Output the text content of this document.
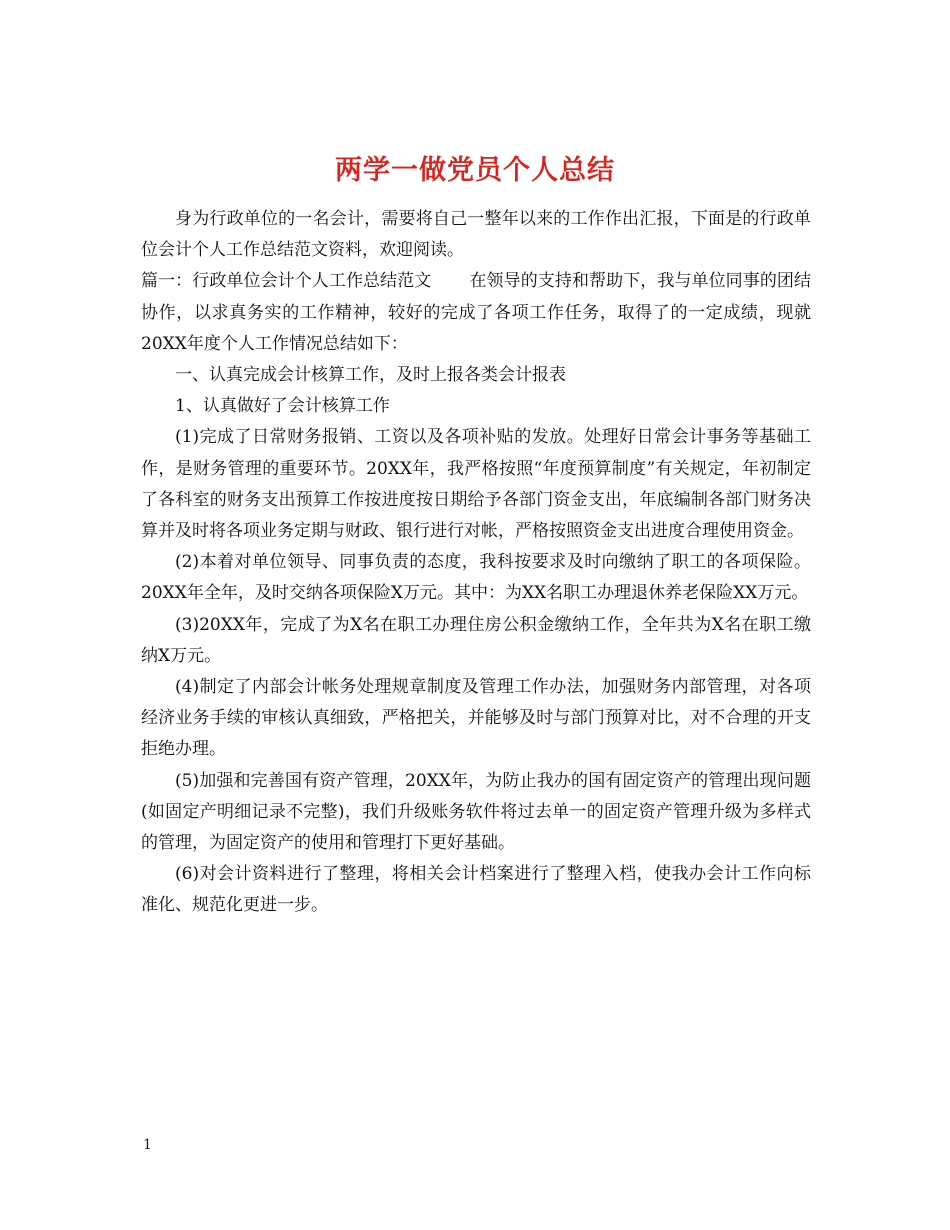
两学一做党员个人总结

身为行政单位的一名会计，需要将自己一整年以来的工作作出汇报，下面是的行政单位会计个人工作总结范文资料，欢迎阅读。

篇一：行政单位会计个人工作总结范文 在领导的支持和帮助下，我与单位同事的团结协作，以求真务实的工作精神，较好的完成了各项工作任务，取得了的一定成绩，现就20XX年度个人工作情况总结如下：

一、认真完成会计核算工作，及时上报各类会计报表

1、认真做好了会计核算工作

(1)完成了日常财务报销、工资以及各项补贴的发放。处理好日常会计事务等基础工作，是财务管理的重要环节。20XX年，我严格按照“年度预算制度”有关规定，年初制定了各科室的财务支出预算工作按进度按日期给予各部门资金支出，年底编制各部门财务决算并及时将各项业务定期与财政、银行进行对帐，严格按照资金支出进度合理使用资金。

(2)本着对单位领导、同事负责的态度，我科按要求及时向缴纳了职工的各项保险。20XX年全年，及时交纳各项保险X万元。其中：为XX名职工办理退休养老保险XX万元。

(3)20XX年，完成了为X名在职工办理住房公积金缴纳工作，全年共为X名在职工缴纳X万元。

(4)制定了内部会计帐务处理规章制度及管理工作办法，加强财务内部管理，对各项经济业务手续的审核认真细致，严格把关，并能够及时与部门预算对比，对不合理的开支拒绝办理。

(5)加强和完善国有资产管理，20XX年，为防止我办的国有固定资产的管理出现问题(如固定产明细记录不完整)，我们升级账务软件将过去单一的固定资产管理升级为多样式的管理，为固定资产的使用和管理打下更好基础。

(6)对会计资料进行了整理，将相关会计档案进行了整理入档，使我办会计工作向标准化、规范化更进一步。

1
